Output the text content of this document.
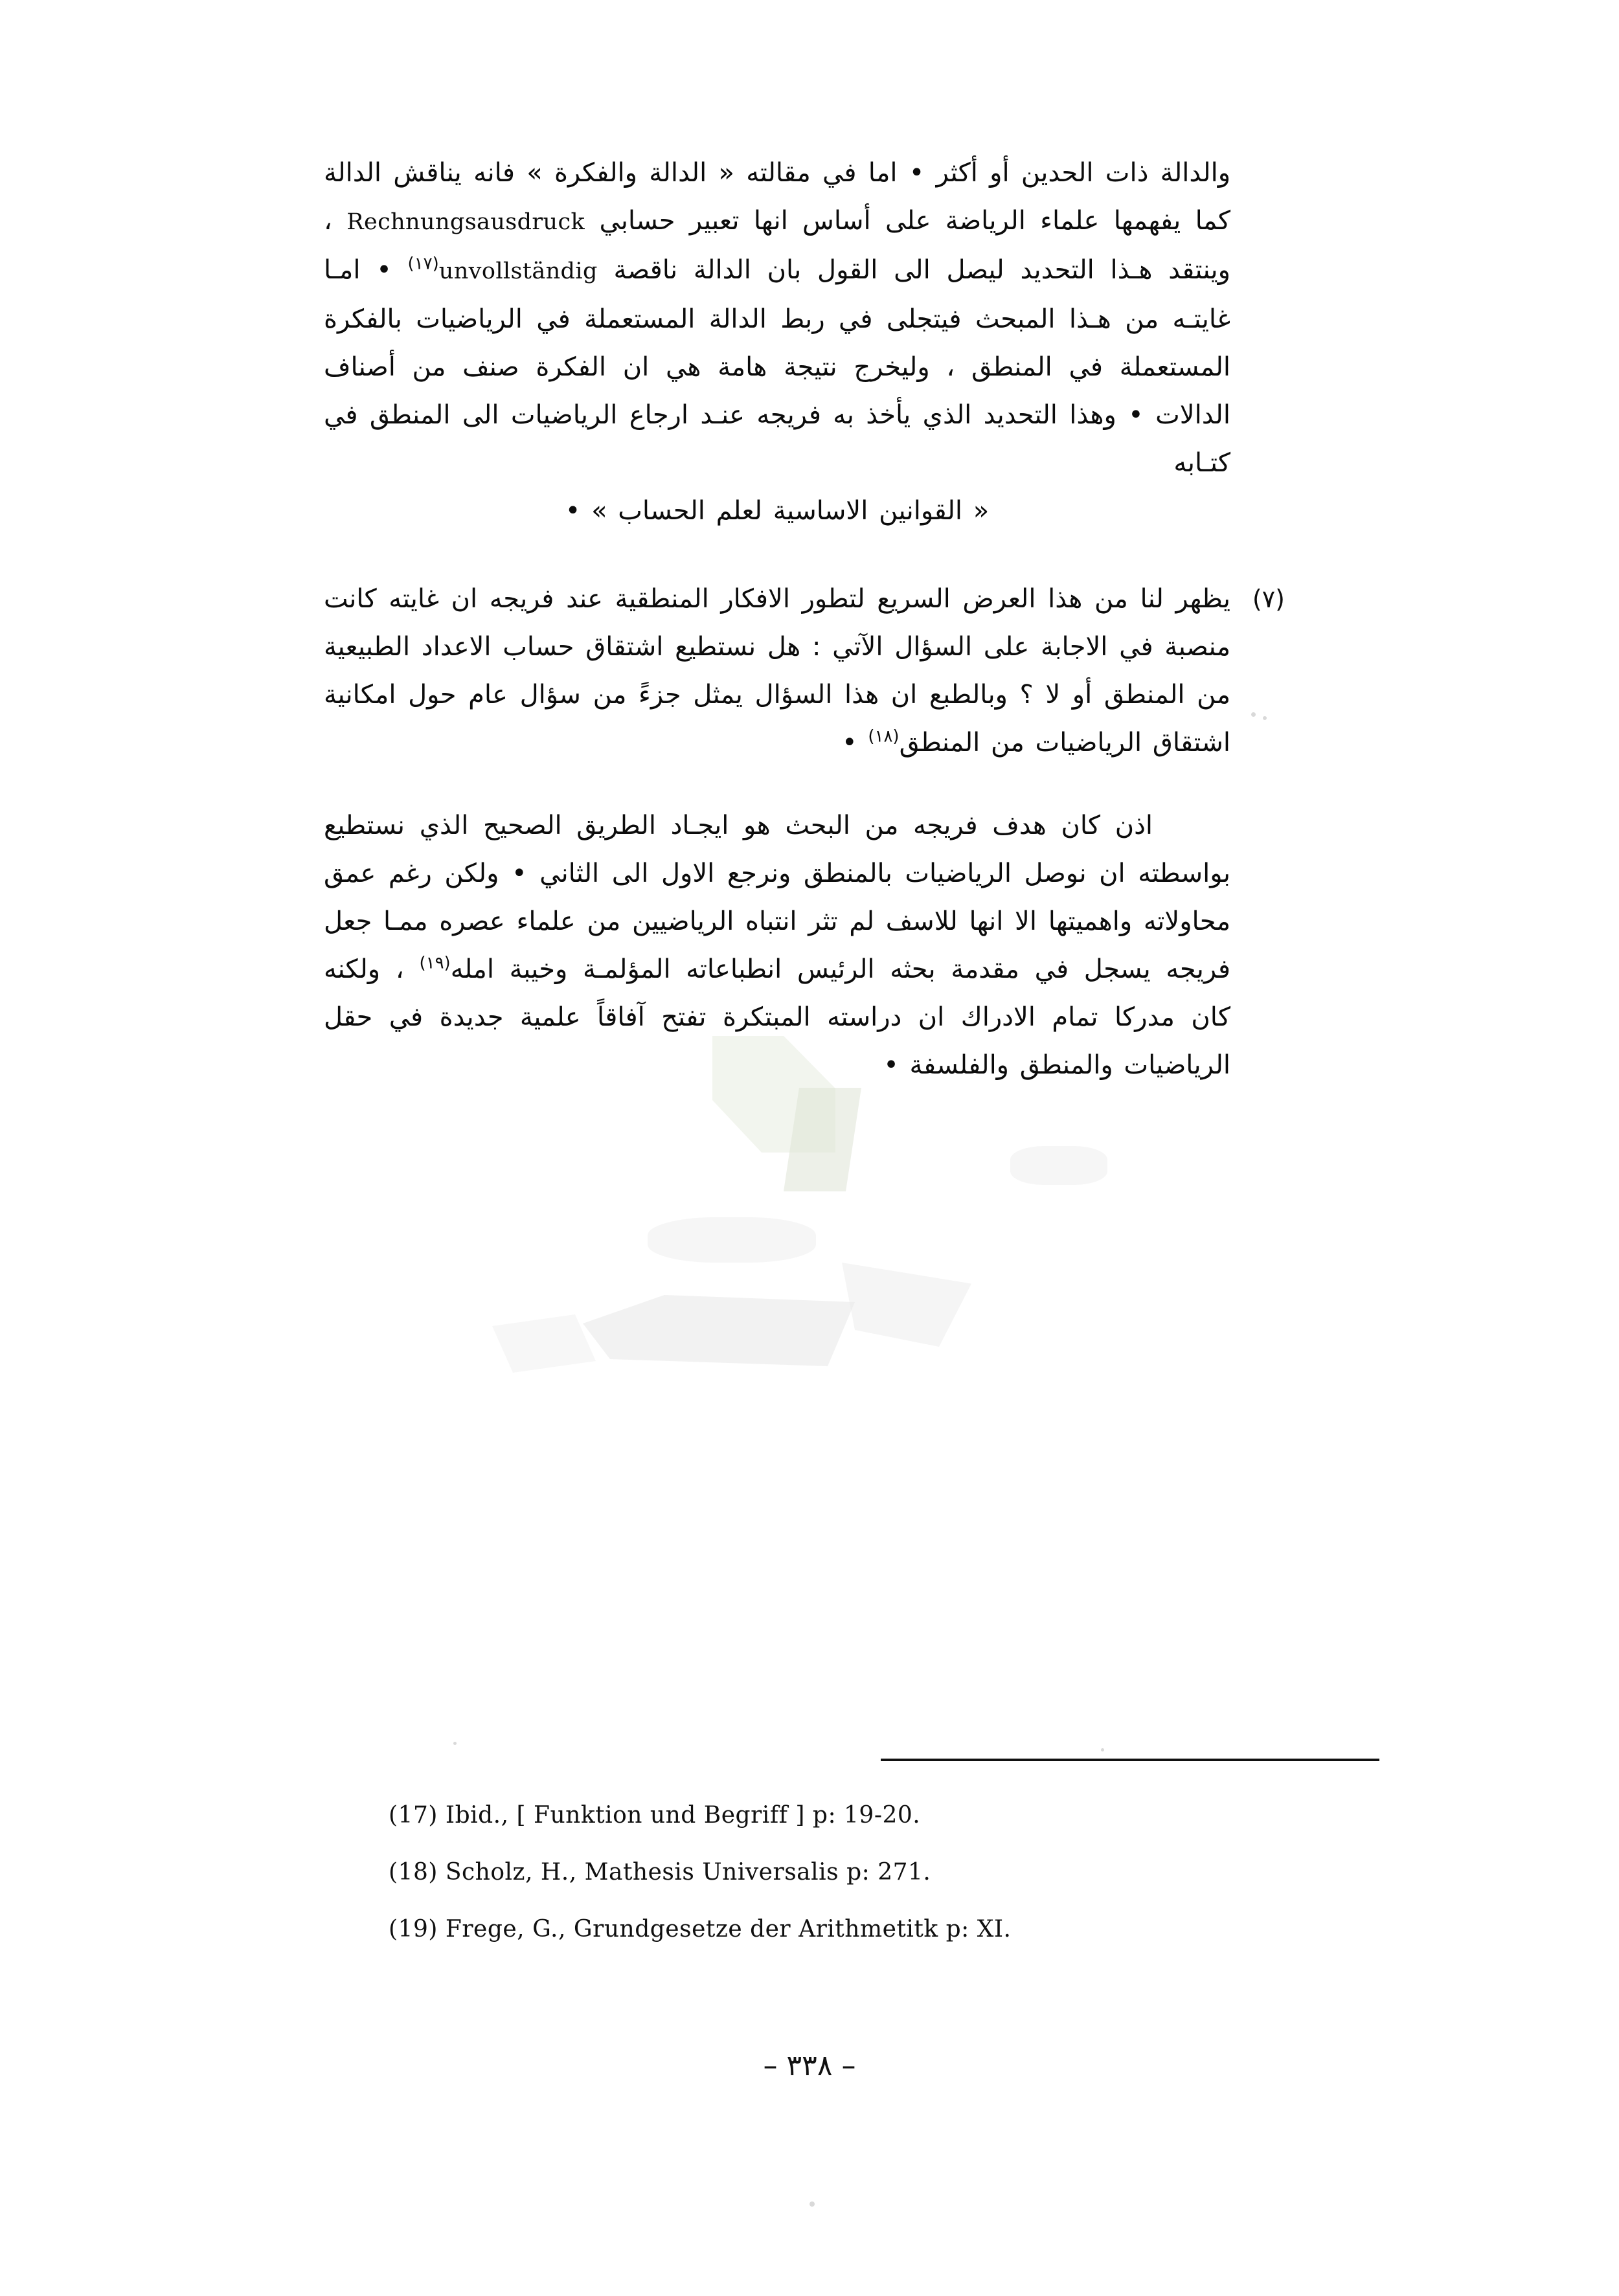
والدالة ذات الحدين أو أكثر • اما في مقالته « الدالة والفكرة » فانه يناقش الدالة كما يفهمها علماء الرياضة على أساس انها تعبير حسابي Rechnungsausdruck ، وينتقد هـذا التحديد ليصل الى القول بان الدالة ناقصة unvollständig$^{(١٧)}$ • امـا غايتـه من هـذا المبحث فيتجلى في ربط الدالة المستعملة في الرياضيات بالفكرة المستعملة في المنطق ، وليخرج نتيجة هامة هي ان الفكرة صنف من أصناف الدالات • وهذا التحديد الذي يأخذ به فريجه عنـد ارجاع الرياضيات الى المنطق في كتـابه
« القوانين الاساسية لعلم الحساب » •
(٧)
يظهر لنا من هذا العرض السريع لتطور الافكار المنطقية عند فريجه ان غايته كانت منصبة في الاجابة على السؤال الآتي : هل نستطيع اشتقاق حساب الاعداد الطبيعية من المنطق أو لا ؟ وبالطبع ان هذا السؤال يمثل جزءً من سؤال عام حول امكانية اشتقاق الرياضيات من المنطق$^{(١٨)}$ •
اذن كان هدف فريجه من البحث هو ايجـاد الطريق الصحيح الذي نستطيع بواسطته ان نوصل الرياضيات بالمنطق ونرجع الاول الى الثاني • ولكن رغم عمق محاولاته واهميتها الا انها للاسف لم تثر انتباه الرياضيين من علماء عصره ممـا جعل فريجه يسجل في مقدمة بحثه الرئيس انطباعاته المؤلمـة وخيبة امله$^{(١٩)}$ ، ولكنه كان مدركا تمام الادراك ان دراسته المبتكرة تفتح آفاقاً علمية جديدة في حقل الرياضيات والمنطق والفلسفة •
(17) Ibid., [ Funktion und Begriff ] p: 19-20.
(18) Scholz, H., Mathesis Universalis p: 271.
(19) Frege, G., Grundgesetze der Arithmetitk p: XI.
– ٣٣٨ –
